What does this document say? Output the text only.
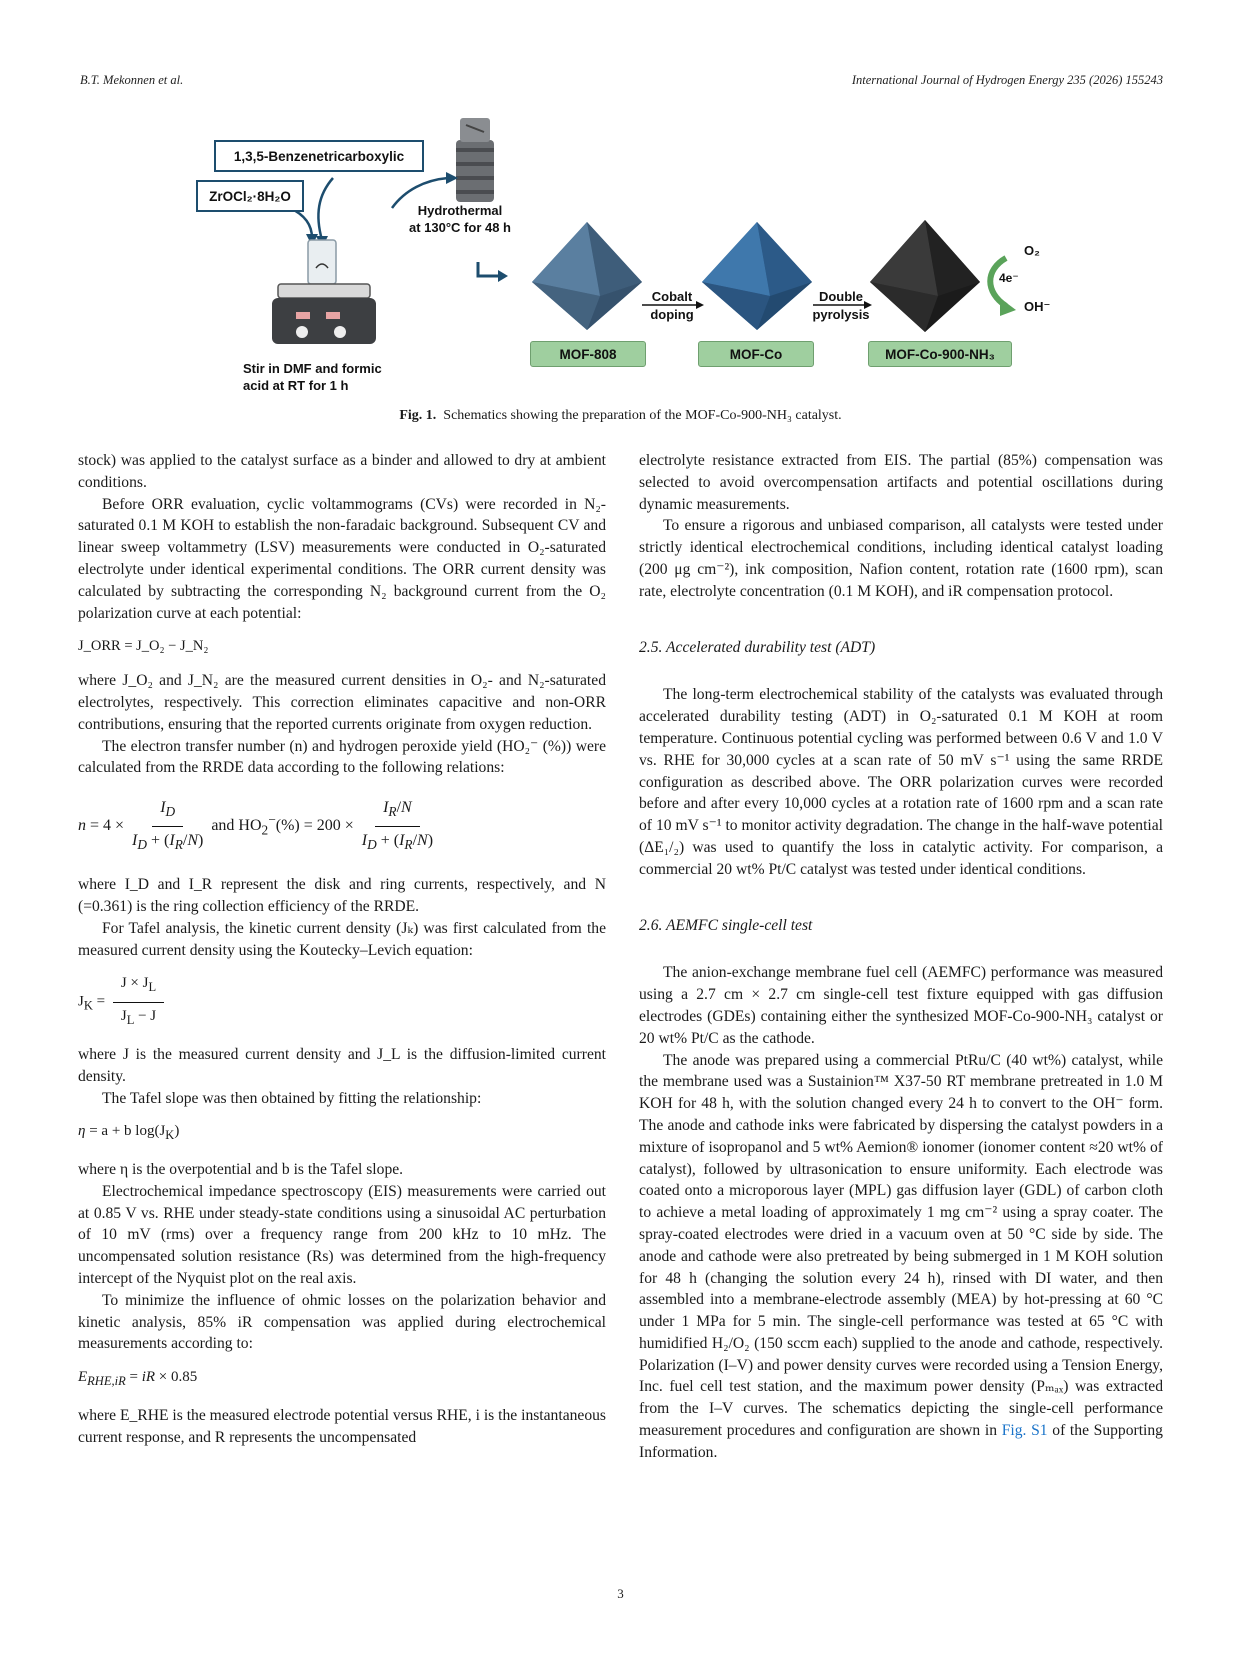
B.T. Mekonnen et al.	International Journal of Hydrogen Energy 235 (2026) 155243
1,3,5-Benzenetricarboxylic
ZrOCl₂·8H₂O
Hydrothermal
at 130°C for 48 h
Stir in DMF and formic
acid at RT for 1 h
Cobalt
doping
Double
pyrolysis
MOF-808	MOF-Co	MOF-Co-900-NH₃
O₂
4e⁻
OH⁻
Fig. 1. Schematics showing the preparation of the MOF-Co-900-NH₃ catalyst.

stock) was applied to the catalyst surface as a binder and allowed to dry at ambient conditions.

Before ORR evaluation, cyclic voltammograms (CVs) were recorded in N₂-saturated 0.1 M KOH to establish the non-faradaic background. Subsequent CV and linear sweep voltammetry (LSV) measurements were conducted in O₂-saturated electrolyte under identical experimental conditions. The ORR current density was calculated by subtracting the corresponding N₂ background current from the O₂ polarization curve at each potential:

J_ORR = J_O₂ − J_N₂

where J_O₂ and J_N₂ are the measured current densities in O₂- and N₂-saturated electrolytes, respectively. This correction eliminates capacitive and non-ORR contributions, ensuring that the reported currents originate from oxygen reduction.

The electron transfer number (n) and hydrogen peroxide yield (HO₂⁻ (%)) were calculated from the RRDE data according to the following relations:

$n = 4 \times \frac{I_D}{I_D + (I_R/N)}$ and $HO_2^-(\%) = 200 \times \frac{I_R/N}{I_D + (I_R/N)}$

where I_D and I_R represent the disk and ring currents, respectively, and N (=0.361) is the ring collection efficiency of the RRDE.

For Tafel analysis, the kinetic current density (Jₖ) was first calculated from the measured current density using the Koutecky–Levich equation:

$J_K = \frac{J \times J_L}{J_L - J}$

where J is the measured current density and J_L is the diffusion-limited current density.

The Tafel slope was then obtained by fitting the relationship:

η = a + b $\log(J_K)$

where η is the overpotential and b is the Tafel slope.

Electrochemical impedance spectroscopy (EIS) measurements were carried out at 0.85 V vs. RHE under steady-state conditions using a sinusoidal AC perturbation of 10 mV (rms) over a frequency range from 200 kHz to 10 mHz. The uncompensated solution resistance (Rs) was determined from the high-frequency intercept of the Nyquist plot on the real axis.

To minimize the influence of ohmic losses on the polarization behavior and kinetic analysis, 85% iR compensation was applied during electrochemical measurements according to:

$E_{RHE,iR}$ = iR × 0.85

where E_RHE is the measured electrode potential versus RHE, i is the instantaneous current response, and R represents the uncompensated

electrolyte resistance extracted from EIS. The partial (85%) compensation was selected to avoid overcompensation artifacts and potential oscillations during dynamic measurements.

To ensure a rigorous and unbiased comparison, all catalysts were tested under strictly identical electrochemical conditions, including identical catalyst loading (200 μg cm⁻²), ink composition, Nafion content, rotation rate (1600 rpm), scan rate, electrolyte concentration (0.1 M KOH), and iR compensation protocol.

2.5. Accelerated durability test (ADT)

The long-term electrochemical stability of the catalysts was evaluated through accelerated durability testing (ADT) in O₂-saturated 0.1 M KOH at room temperature. Continuous potential cycling was performed between 0.6 V and 1.0 V vs. RHE for 30,000 cycles at a scan rate of 50 mV s⁻¹ using the same RRDE configuration as described above. The ORR polarization curves were recorded before and after every 10,000 cycles at a rotation rate of 1600 rpm and a scan rate of 10 mV s⁻¹ to monitor activity degradation. The change in the half-wave potential (ΔE₁/₂) was used to quantify the loss in catalytic activity. For comparison, a commercial 20 wt% Pt/C catalyst was tested under identical conditions.

2.6. AEMFC single-cell test

The anion-exchange membrane fuel cell (AEMFC) performance was measured using a 2.7 cm × 2.7 cm single-cell test fixture equipped with gas diffusion electrodes (GDEs) containing either the synthesized MOF-Co-900-NH₃ catalyst or 20 wt% Pt/C as the cathode.

The anode was prepared using a commercial PtRu/C (40 wt%) catalyst, while the membrane used was a Sustainion™ X37-50 RT membrane pretreated in 1.0 M KOH for 48 h, with the solution changed every 24 h to convert to the OH⁻ form. The anode and cathode inks were fabricated by dispersing the catalyst powders in a mixture of isopropanol and 5 wt% Aemion® ionomer (ionomer content ≈20 wt% of catalyst), followed by ultrasonication to ensure uniformity. Each electrode was coated onto a microporous layer (MPL) gas diffusion layer (GDL) of carbon cloth to achieve a metal loading of approximately 1 mg cm⁻² using a spray coater. The spray-coated electrodes were dried in a vacuum oven at 50 °C side by side. The anode and cathode were also pretreated by being submerged in 1 M KOH solution for 48 h (changing the solution every 24 h), rinsed with DI water, and then assembled into a membrane-electrode assembly (MEA) by hot-pressing at 60 °C under 1 MPa for 5 min. The single-cell performance was tested at 65 °C with humidified H₂/O₂ (150 sccm each) supplied to the anode and cathode, respectively. Polarization (I–V) and power density curves were recorded using a Tension Energy, Inc. fuel cell test station, and the maximum power density (Pₘₐₓ) was extracted from the I–V curves. The schematics depicting the single-cell performance measurement procedures and configuration are shown in Fig. S1 of the Supporting Information.

3
